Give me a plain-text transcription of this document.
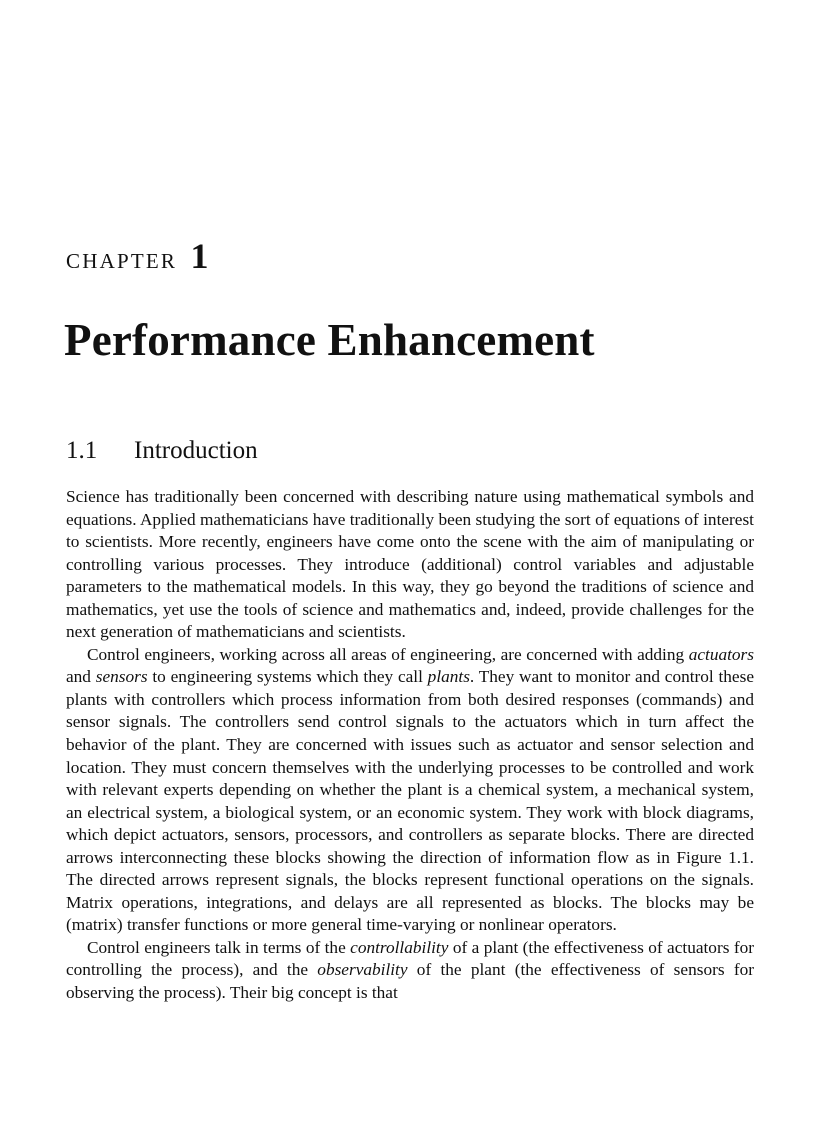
CHAPTER 1
Performance Enhancement
1.1 Introduction

Science has traditionally been concerned with describing nature using mathematical symbols and equations. Applied mathematicians have traditionally been studying the sort of equations of interest to scientists. More recently, engineers have come onto the scene with the aim of manipulating or controlling various processes. They introduce (additional) control variables and adjustable parameters to the mathematical models. In this way, they go beyond the traditions of science and mathematics, yet use the tools of science and mathematics and, indeed, provide challenges for the next generation of mathematicians and scientists.

Control engineers, working across all areas of engineering, are concerned with adding actuators and sensors to engineering systems which they call plants. They want to monitor and control these plants with controllers which process information from both desired responses (commands) and sensor signals. The controllers send control signals to the actuators which in turn affect the behavior of the plant. They are concerned with issues such as actuator and sensor selection and location. They must concern themselves with the underlying processes to be controlled and work with relevant experts depending on whether the plant is a chemical system, a mechanical system, an electrical system, a biological system, or an economic system. They work with block diagrams, which depict actuators, sensors, processors, and controllers as separate blocks. There are directed arrows interconnecting these blocks showing the direction of information flow as in Figure 1.1. The directed arrows represent signals, the blocks represent functional operations on the signals. Matrix operations, integrations, and delays are all represented as blocks. The blocks may be (matrix) transfer functions or more general time-varying or nonlinear operators.

Control engineers talk in terms of the controllability of a plant (the effectiveness of actuators for controlling the process), and the observability of the plant (the effectiveness of sensors for observing the process). Their big concept is that
